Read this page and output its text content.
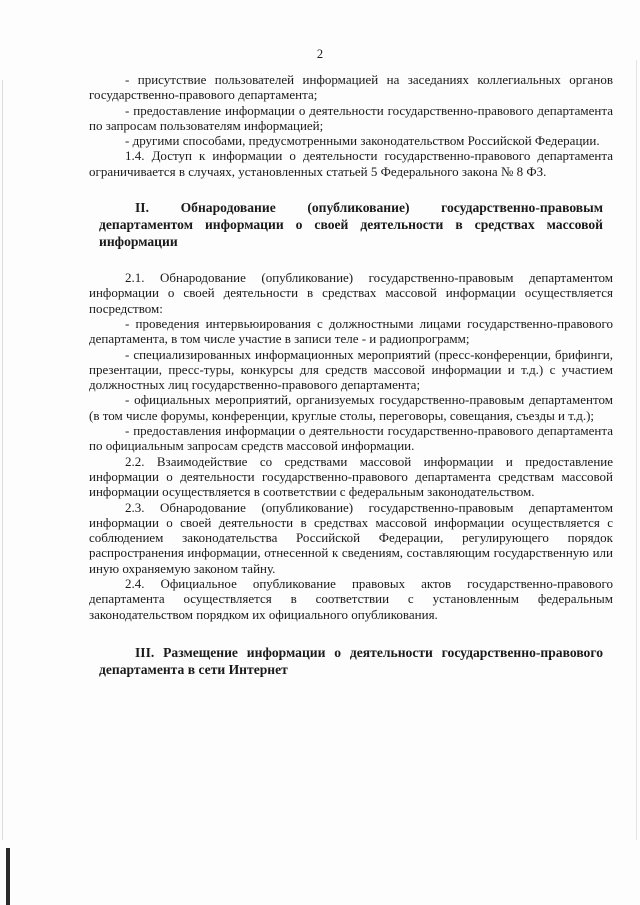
2

- присутствие пользователей информацией на заседаниях коллегиальных органов государственно-правового департамента;

- предоставление информации о деятельности государственно-правового департамента по запросам пользователям информацией;

- другими способами, предусмотренными законодательством Российской Федерации.

1.4. Доступ к информации о деятельности государственно-правового департамента ограничивается в случаях, установленных статьей 5 Федерального закона № 8 ФЗ.

II. Обнародование (опубликование) государственно-правовым департаментом информации о своей деятельности в средствах массовой информации

2.1. Обнародование (опубликование) государственно-правовым департаментом информации о своей деятельности в средствах массовой информации осуществляется посредством:

- проведения интервьюирования с должностными лицами государственно-правового департамента, в том числе участие в записи теле - и радиопрограмм;

- специализированных информационных мероприятий (пресс-конференции, брифинги, презентации, пресс-туры, конкурсы для средств массовой информации и т.д.) с участием должностных лиц государственно-правового департамента;

- официальных мероприятий, организуемых государственно-правовым департаментом (в том числе форумы, конференции, круглые столы, переговоры, совещания, съезды и т.д.);

- предоставления информации о деятельности государственно-правового департамента по официальным запросам средств массовой информации.

2.2. Взаимодействие со средствами массовой информации и предоставление информации о деятельности государственно-правового департамента средствам массовой информации осуществляется в соответствии с федеральным законодательством.

2.3. Обнародование (опубликование) государственно-правовым департаментом информации о своей деятельности в средствах массовой информации осуществляется с соблюдением законодательства Российской Федерации, регулирующего порядок распространения информации, отнесенной к сведениям, составляющим государственную или иную охраняемую законом тайну.

2.4. Официальное опубликование правовых актов государственно-правового департамента осуществляется в соответствии с установленным федеральным законодательством порядком их официального опубликования.

III. Размещение информации о деятельности государственно-правового департамента в сети Интернет
